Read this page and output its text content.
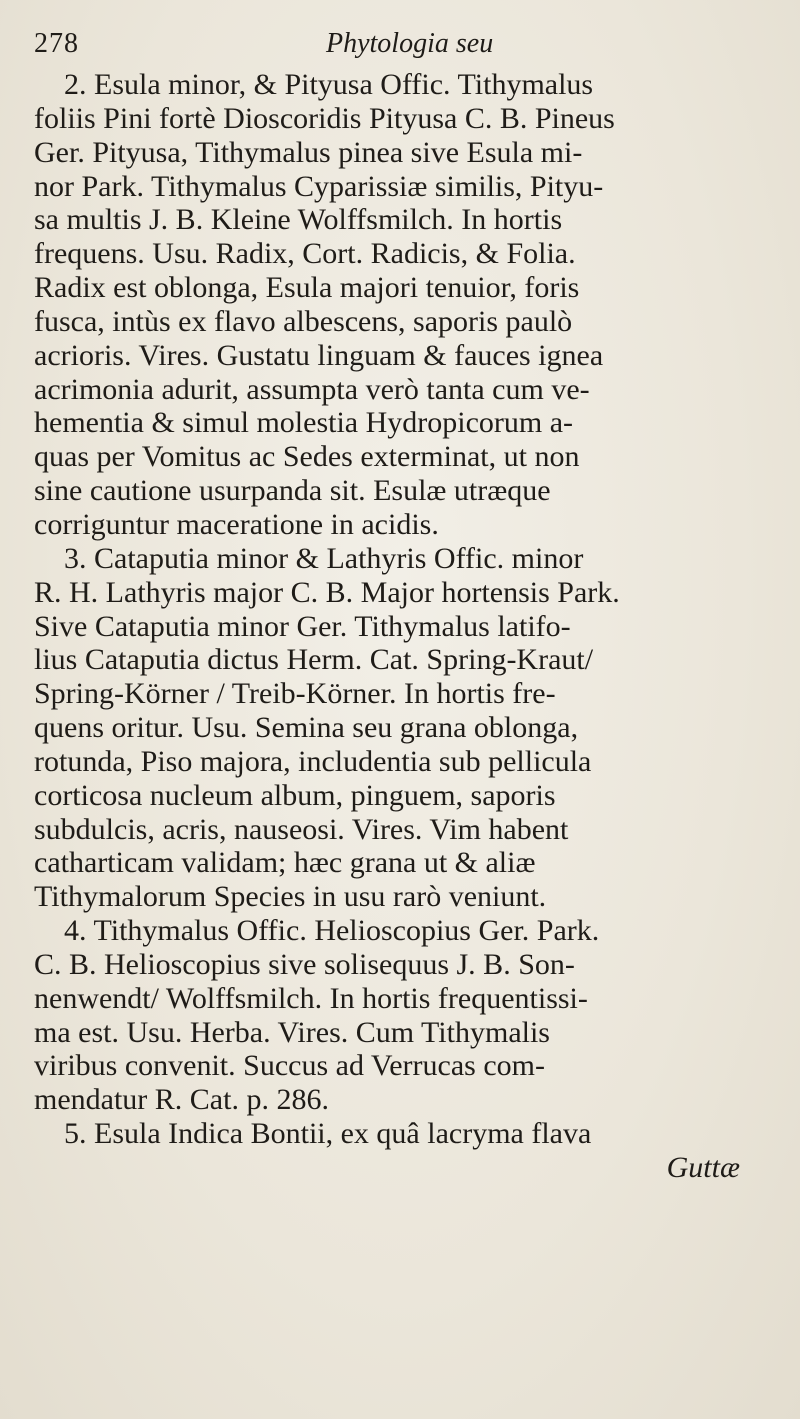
278	Phytologia seu
2. Esula minor, & Pityusa Offic. Tithymalus
foliis Pini fortè Dioscoridis Pityusa C. B. Pineus
Ger. Pityusa, Tithymalus pinea sive Esula mi-
nor Park. Tithymalus Cyparissiæ similis, Pityu-
sa multis J. B. Kleine Wolffsmilch. In hortis
frequens. Usu. Radix, Cort. Radicis, & Folia.
Radix est oblonga, Esula majori tenuior, foris
fusca, intùs ex flavo albescens, saporis paulò
acrioris. Vires. Gustatu linguam & fauces ignea
acrimonia adurit, assumpta verò tanta cum ve-
hementia & simul molestia Hydropicorum a-
quas per Vomitus ac Sedes exterminat, ut non
sine cautione usurpanda sit. Esulæ utræque
corriguntur maceratione in acidis.
3. Cataputia minor & Lathyris Offic. minor
R. H. Lathyris major C. B. Major hortensis Park.
Sive Cataputia minor Ger. Tithymalus latifo-
lius Cataputia dictus Herm. Cat. Spring-Kraut/
Spring-Körner / Treib-Körner. In hortis fre-
quens oritur. Usu. Semina seu grana oblonga,
rotunda, Piso majora, includentia sub pellicula
corticosa nucleum album, pinguem, saporis
subdulcis, acris, nauseosi. Vires. Vim habent
catharticam validam; hæc grana ut & aliæ
Tithymalorum Species in usu rarò veniunt.
4. Tithymalus Offic. Helioscopius Ger. Park.
C. B. Helioscopius sive solisequus J. B. Son-
nenwendt/ Wolffsmilch. In hortis frequentissi-
ma est. Usu. Herba. Vires. Cum Tithymalis
viribus convenit. Succus ad Verrucas com-
mendatur R. Cat. p. 286.
5. Esula Indica Bontii, ex quâ lacryma flava
Guttæ
